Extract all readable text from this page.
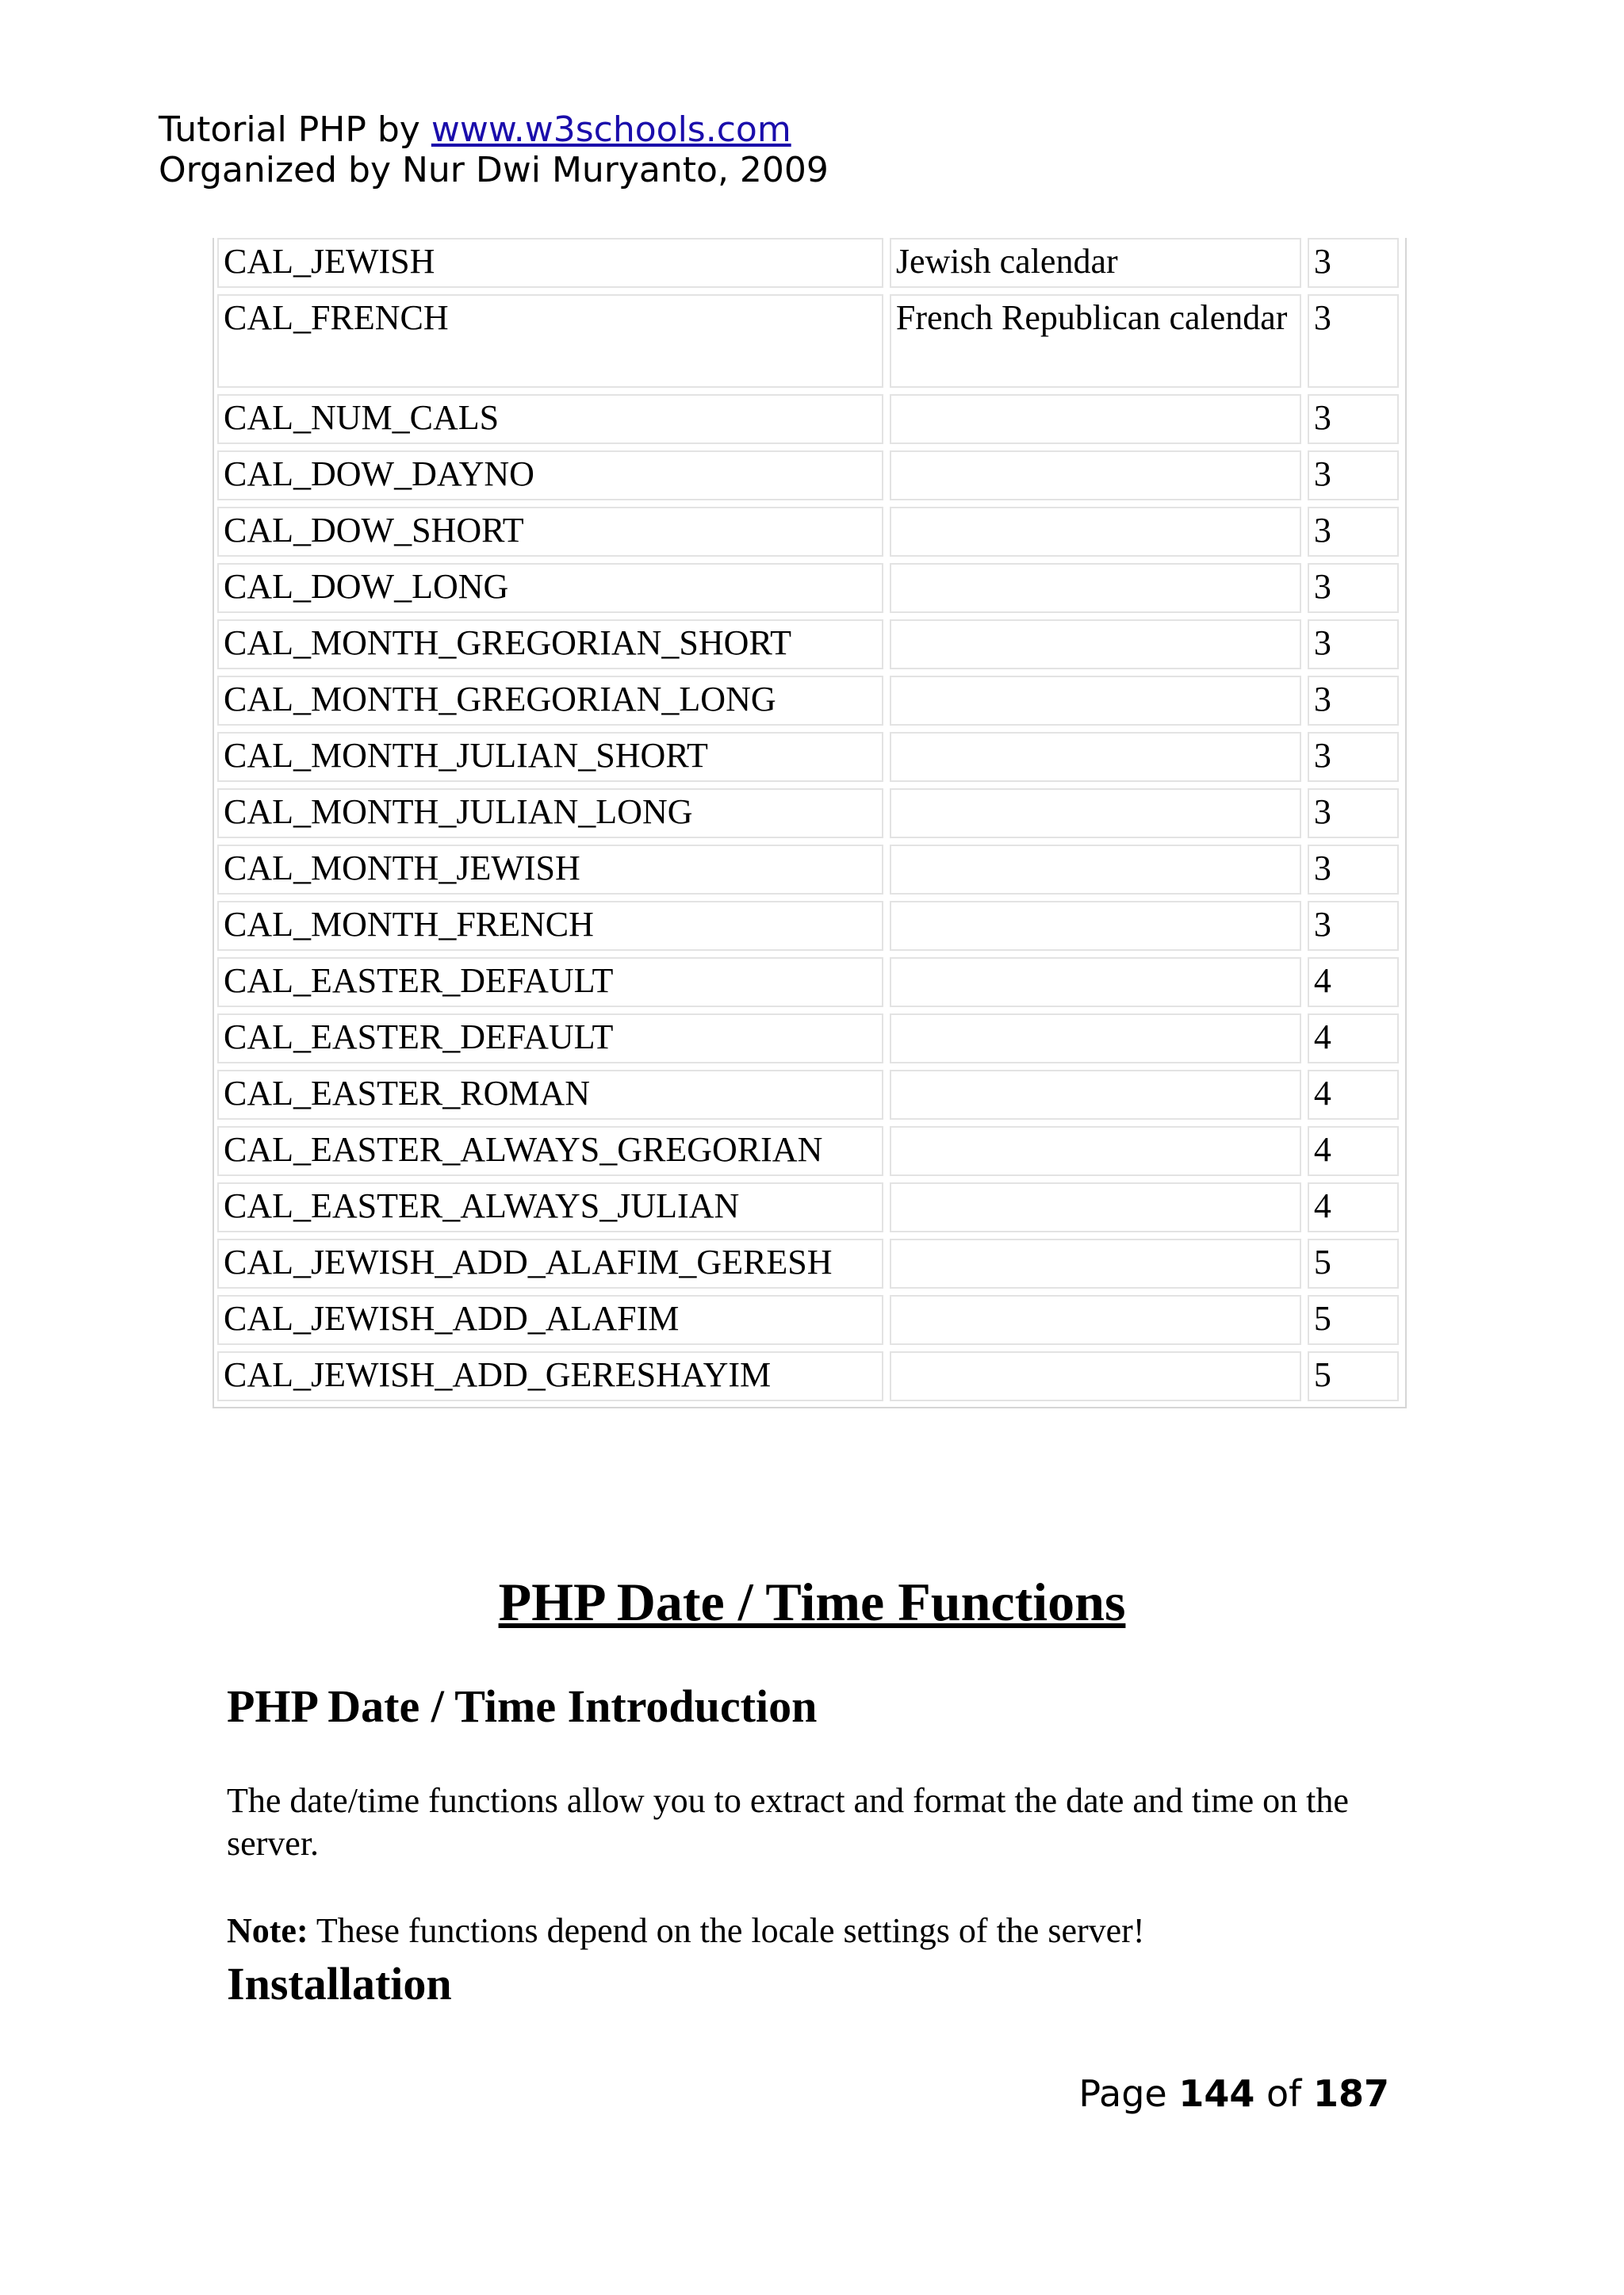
Tutorial PHP by www.w3schools.com
Organized by Nur Dwi Muryanto, 2009
CAL_JEWISH	Jewish calendar	3
CAL_FRENCH	French Republican calendar	3
CAL_NUM_CALS		3
CAL_DOW_DAYNO		3
CAL_DOW_SHORT		3
CAL_DOW_LONG		3
CAL_MONTH_GREGORIAN_SHORT		3
CAL_MONTH_GREGORIAN_LONG		3
CAL_MONTH_JULIAN_SHORT		3
CAL_MONTH_JULIAN_LONG		3
CAL_MONTH_JEWISH		3
CAL_MONTH_FRENCH		3
CAL_EASTER_DEFAULT		4
CAL_EASTER_DEFAULT		4
CAL_EASTER_ROMAN		4
CAL_EASTER_ALWAYS_GREGORIAN		4
CAL_EASTER_ALWAYS_JULIAN		4
CAL_JEWISH_ADD_ALAFIM_GERESH		5
CAL_JEWISH_ADD_ALAFIM		5
CAL_JEWISH_ADD_GERESHAYIM		5
PHP Date / Time Functions
PHP Date / Time Introduction
The date/time functions allow you to extract and format the date and time on the server.
Note: These functions depend on the locale settings of the server!
Installation
Page 144 of 187
